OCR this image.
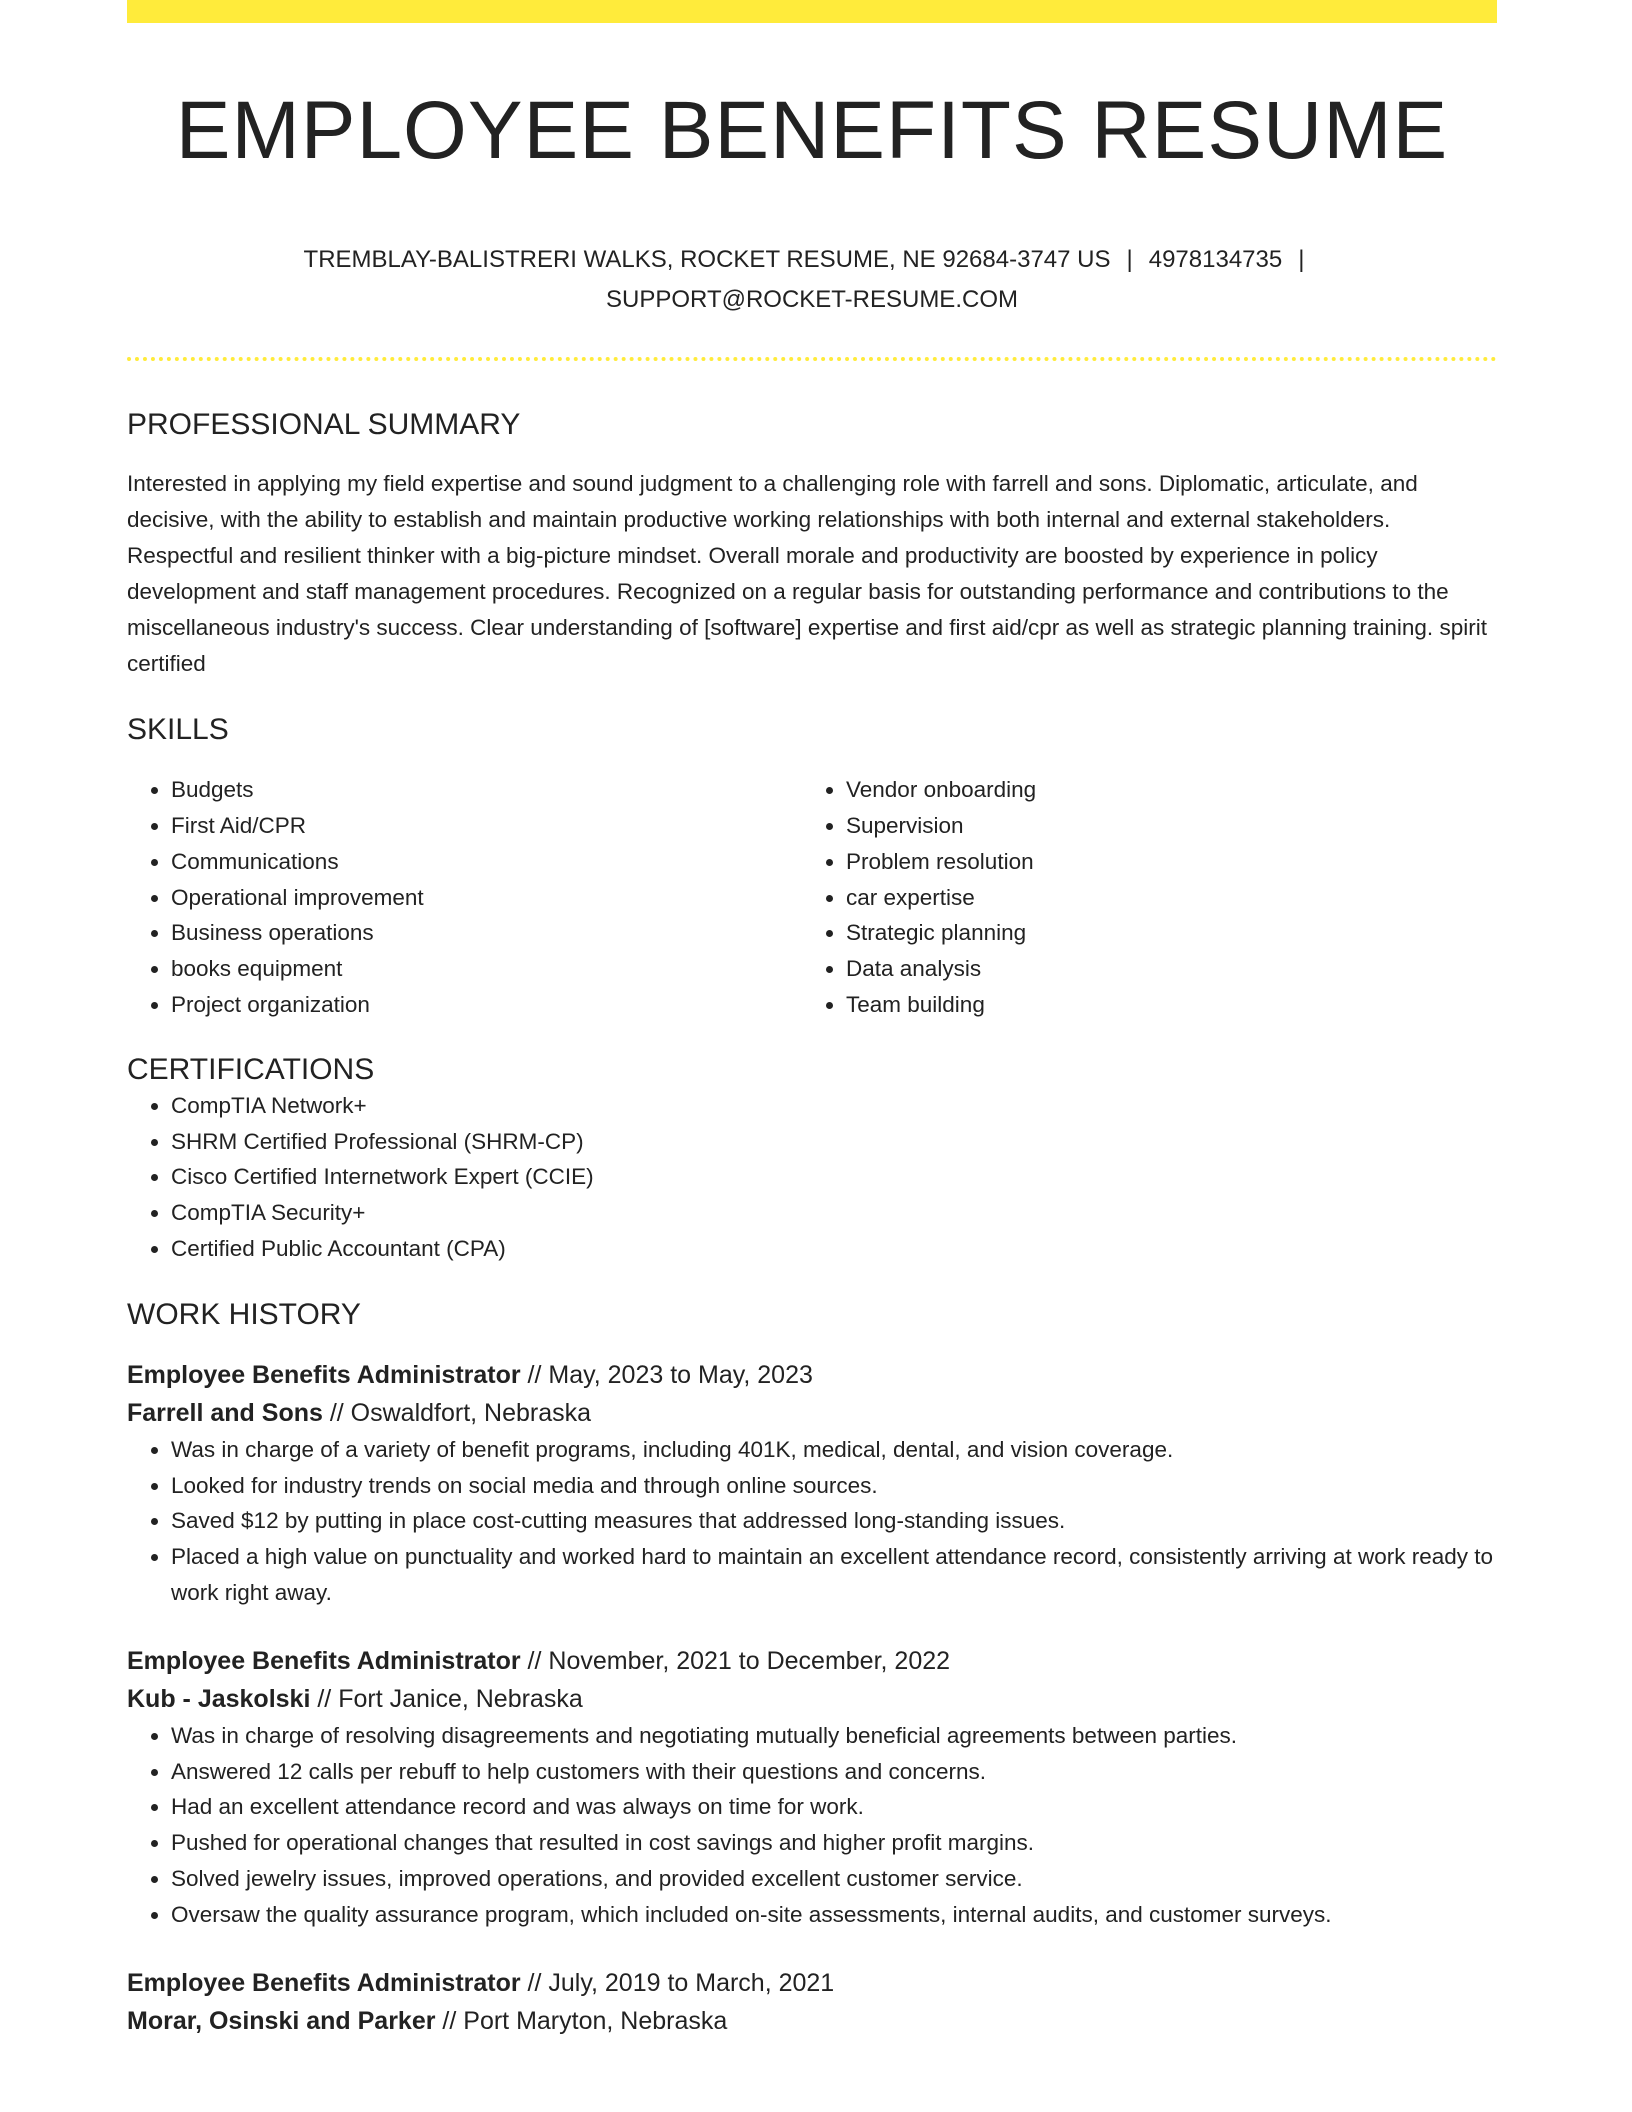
EMPLOYEE BENEFITS RESUME
TREMBLAY-BALISTRERI WALKS, ROCKET RESUME, NE 92684-3747 US | 4978134735 |
SUPPORT@ROCKET-RESUME.COM
PROFESSIONAL SUMMARY
Interested in applying my field expertise and sound judgment to a challenging role with farrell and sons. Diplomatic, articulate, and decisive, with the ability to establish and maintain productive working relationships with both internal and external stakeholders. Respectful and resilient thinker with a big-picture mindset. Overall morale and productivity are boosted by experience in policy development and staff management procedures. Recognized on a regular basis for outstanding performance and contributions to the miscellaneous industry's success. Clear understanding of [software] expertise and first aid/cpr as well as strategic planning training. spirit certified
SKILLS
• Budgets
• First Aid/CPR
• Communications
• Operational improvement
• Business operations
• books equipment
• Project organization
• Vendor onboarding
• Supervision
• Problem resolution
• car expertise
• Strategic planning
• Data analysis
• Team building
CERTIFICATIONS
• CompTIA Network+
• SHRM Certified Professional (SHRM-CP)
• Cisco Certified Internetwork Expert (CCIE)
• CompTIA Security+
• Certified Public Accountant (CPA)
WORK HISTORY
Employee Benefits Administrator // May, 2023 to May, 2023
Farrell and Sons // Oswaldfort, Nebraska
• Was in charge of a variety of benefit programs, including 401K, medical, dental, and vision coverage.
• Looked for industry trends on social media and through online sources.
• Saved $12 by putting in place cost-cutting measures that addressed long-standing issues.
• Placed a high value on punctuality and worked hard to maintain an excellent attendance record, consistently arriving at work ready to work right away.
Employee Benefits Administrator // November, 2021 to December, 2022
Kub - Jaskolski // Fort Janice, Nebraska
• Was in charge of resolving disagreements and negotiating mutually beneficial agreements between parties.
• Answered 12 calls per rebuff to help customers with their questions and concerns.
• Had an excellent attendance record and was always on time for work.
• Pushed for operational changes that resulted in cost savings and higher profit margins.
• Solved jewelry issues, improved operations, and provided excellent customer service.
• Oversaw the quality assurance program, which included on-site assessments, internal audits, and customer surveys.
Employee Benefits Administrator // July, 2019 to March, 2021
Morar, Osinski and Parker // Port Maryton, Nebraska
